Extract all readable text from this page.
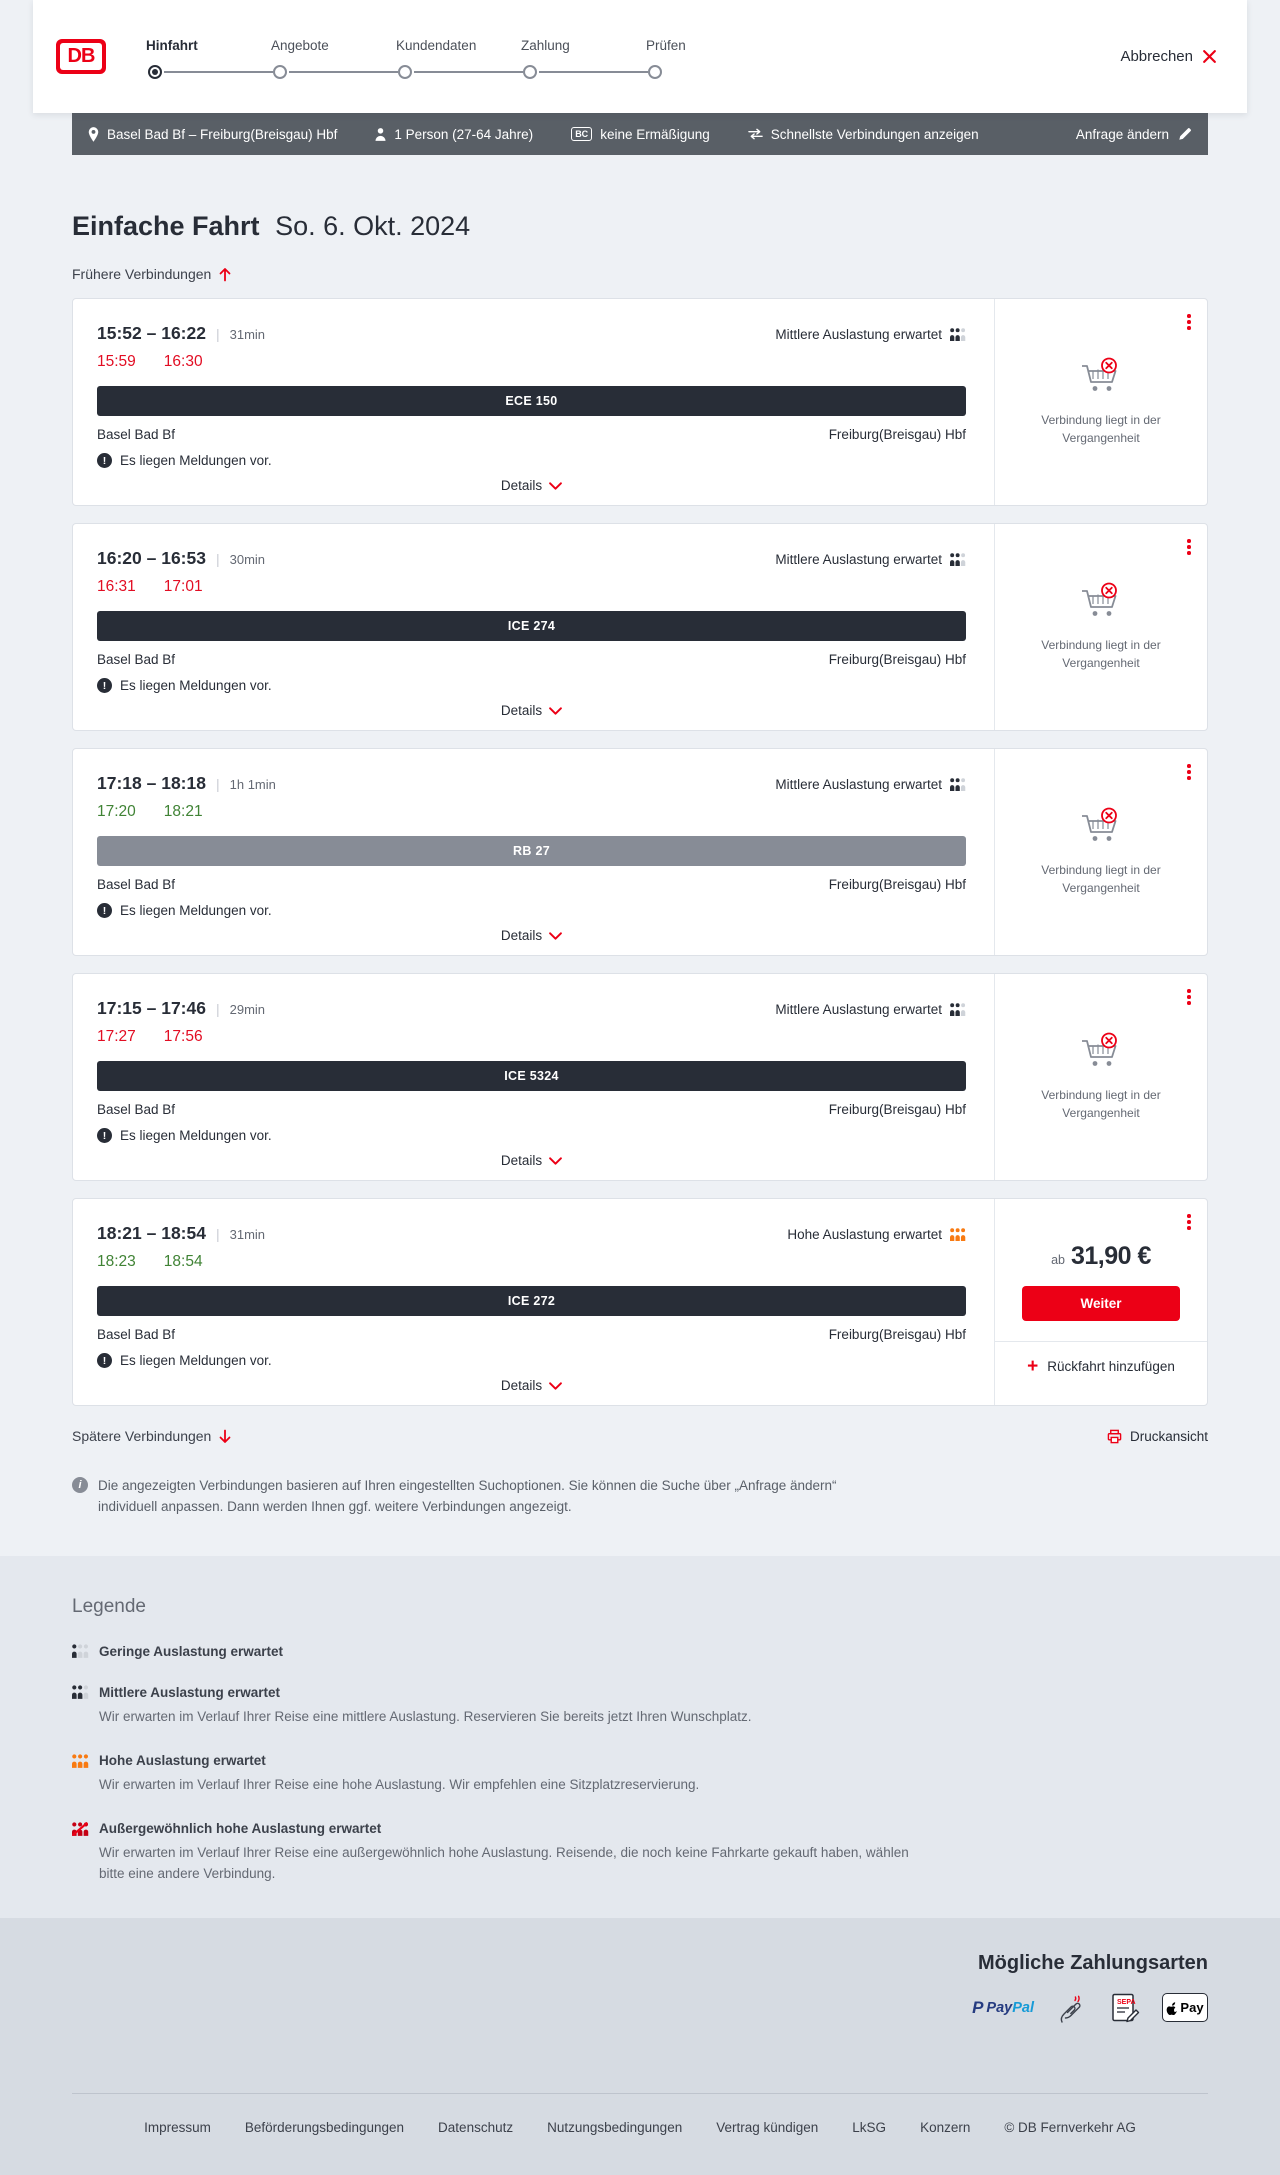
DB	Hinfahrt	Angebote	Kundendaten	Zahlung	Prüfen
Abbrechen
Basel Bad Bf – Freiburg(Breisgau) Hbf	1 Person (27-64 Jahre)	BC keine Ermäßigung	Schnellste Verbindungen anzeigen	Anfrage ändern
Einfache Fahrt So. 6. Okt. 2024
Frühere Verbindungen
15:52 – 16:22 | 31min	Mittlere Auslastung erwartet
15:59 16:30
ECE 150
Basel Bad Bf	Freiburg(Breisgau) Hbf
!	Es liegen Meldungen vor.
Details

Verbindung liegt in der Vergangenheit

16:20 – 16:53 | 30min	Mittlere Auslastung erwartet
16:31 17:01
ICE 274
Basel Bad Bf	Freiburg(Breisgau) Hbf
!	Es liegen Meldungen vor.
Details

Verbindung liegt in der Vergangenheit

17:18 – 18:18 | 1h 1min	Mittlere Auslastung erwartet
17:20 18:21
RB 27
Basel Bad Bf	Freiburg(Breisgau) Hbf
!	Es liegen Meldungen vor.
Details

Verbindung liegt in der Vergangenheit

17:15 – 17:46 | 29min	Mittlere Auslastung erwartet
17:27 17:56
ICE 5324
Basel Bad Bf	Freiburg(Breisgau) Hbf
!	Es liegen Meldungen vor.
Details

Verbindung liegt in der Vergangenheit

18:21 – 18:54 | 31min	Hohe Auslastung erwartet
18:23 18:54
ICE 272
Basel Bad Bf	Freiburg(Breisgau) Hbf
!	Es liegen Meldungen vor.
Details
ab 31,90 €
Weiter
+ Rückfahrt hinzufügen
Spätere Verbindungen	Druckansicht
i	Die angezeigten Verbindungen basieren auf Ihren eingestellten Suchoptionen. Sie können die Suche über „Anfrage ändern“ individuell anpassen. Dann werden Ihnen ggf. weitere Verbindungen angezeigt.

Legende
Geringe Auslastung erwartet
Mittlere Auslastung erwartet

Wir erwarten im Verlauf Ihrer Reise eine mittlere Auslastung. Reservieren Sie bereits jetzt Ihren Wunschplatz.

Hohe Auslastung erwartet

Wir erwarten im Verlauf Ihrer Reise eine hohe Auslastung. Wir empfehlen eine Sitzplatzreservierung.

Außergewöhnlich hohe Auslastung erwartet

Wir erwarten im Verlauf Ihrer Reise eine außergewöhnlich hohe Auslastung. Reisende, die noch keine Fahrkarte gekauft haben, wählen bitte eine andere Verbindung.

Mögliche Zahlungsarten
P PayPal	SEPA	Pay
Impressum	Beförderungsbedingungen	Datenschutz	Nutzungsbedingungen	Vertrag kündigen	LkSG	Konzern	© DB Fernverkehr AG
